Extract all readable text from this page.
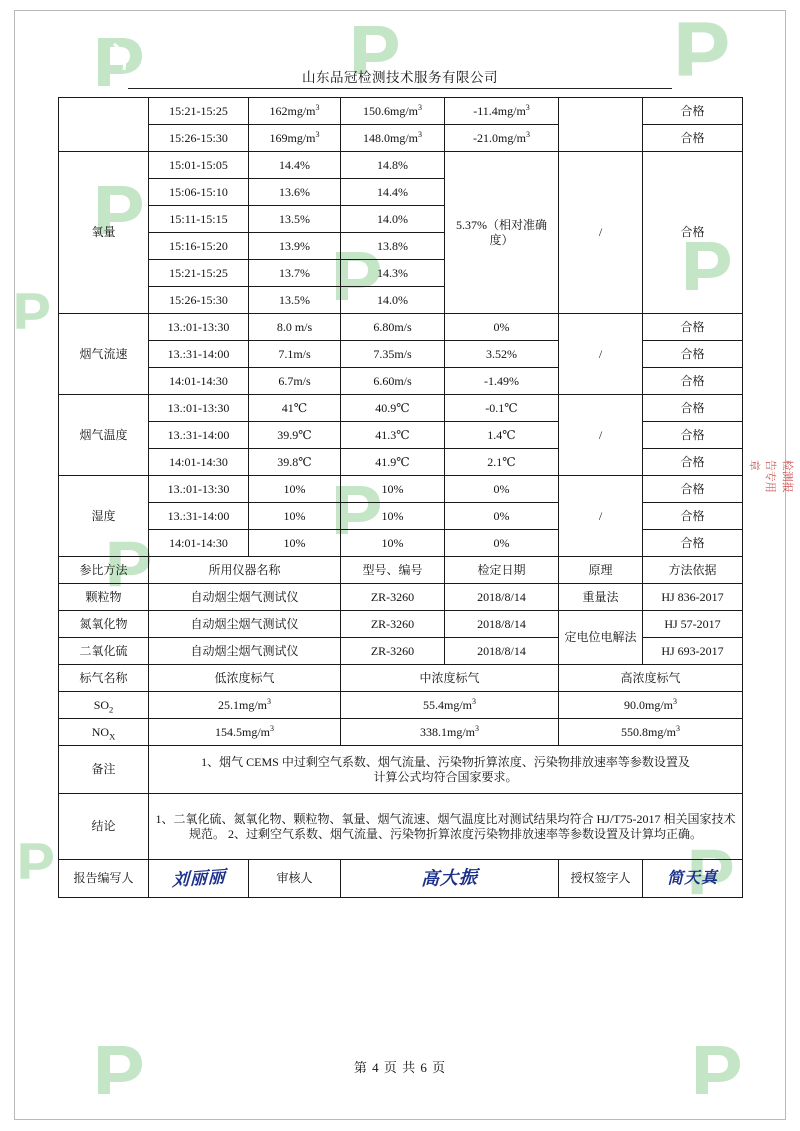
山东品冠检测技术服务有限公司
检测报告专用章
	15:21-15:25	$162mg/m^3$	$150.6mg/m^3$	$-11.4mg/m^3$		合格
	15:26-15:30	$169mg/m^3$	$148.0mg/m^3$	$-21.0mg/m^3$		合格
氧量	15:01-15:05	14.4%	14.8%	5.37%（相对准确度）	/	合格
	15:06-15:10	13.6%	14.4%			
	15:11-15:15	13.5%	14.0%			
	15:16-15:20	13.9%	13.8%			
	15:21-15:25	13.7%	14.3%			
	15:26-15:30	13.5%	14.0%			
烟气流速	13.:01-13:30	8.0 m/s	6.80m/s	0%	/	合格
	13.:31-14:00	7.1m/s	7.35m/s	3.52%		合格
	14:01-14:30	6.7m/s	6.60m/s	-1.49%		合格
烟气温度	13.:01-13:30	41℃	40.9℃	-0.1℃	/	合格
	13.:31-14:00	39.9℃	41.3℃	1.4℃		合格
	14:01-14:30	39.8℃	41.9℃	2.1℃		合格
湿度	13.:01-13:30	10%	10%	0%	/	合格
	13.:31-14:00	10%	10%	0%		合格
	14:01-14:30	10%	10%	0%		合格
参比方法	所用仪器名称		型号、编号	检定日期	原理	方法依据
颗粒物	自动烟尘烟气测试仪		ZR-3260	2018/8/14	重量法	HJ 836-2017
氮氧化物	自动烟尘烟气测试仪		ZR-3260	2018/8/14	定电位电解法	HJ 57-2017
二氧化硫	自动烟尘烟气测试仪		ZR-3260	2018/8/14		HJ 693-2017
标气名称	低浓度标气		中浓度标气		高浓度标气	
$SO_2$	$25.1mg/m^3$		$55.4mg/m^3$		$90.0mg/m^3$
$NO_X$	$154.5mg/m^3$		$338.1mg/m^3$		$550.8mg/m^3$
备注	1、烟气 CEMS 中过剩空气系数、烟气流量、污染物折算浓度、污染物排放速率等参数设置及
计算公式均符合国家要求。					

结论	1、二氧化硫、氮氧化物、颗粒物、氧量、烟气流速、烟气温度比对测试结果均符合 HJ/T75-2017 相关国家技术规范。 2、过剩空气系数、烟气流量、污染物折算浓度污染物排放速率等参数设置及计算均正确。					
报告编写人	刘丽丽	审核人	高大振		授权签字人	简天真
第 4 页 共 6 页
